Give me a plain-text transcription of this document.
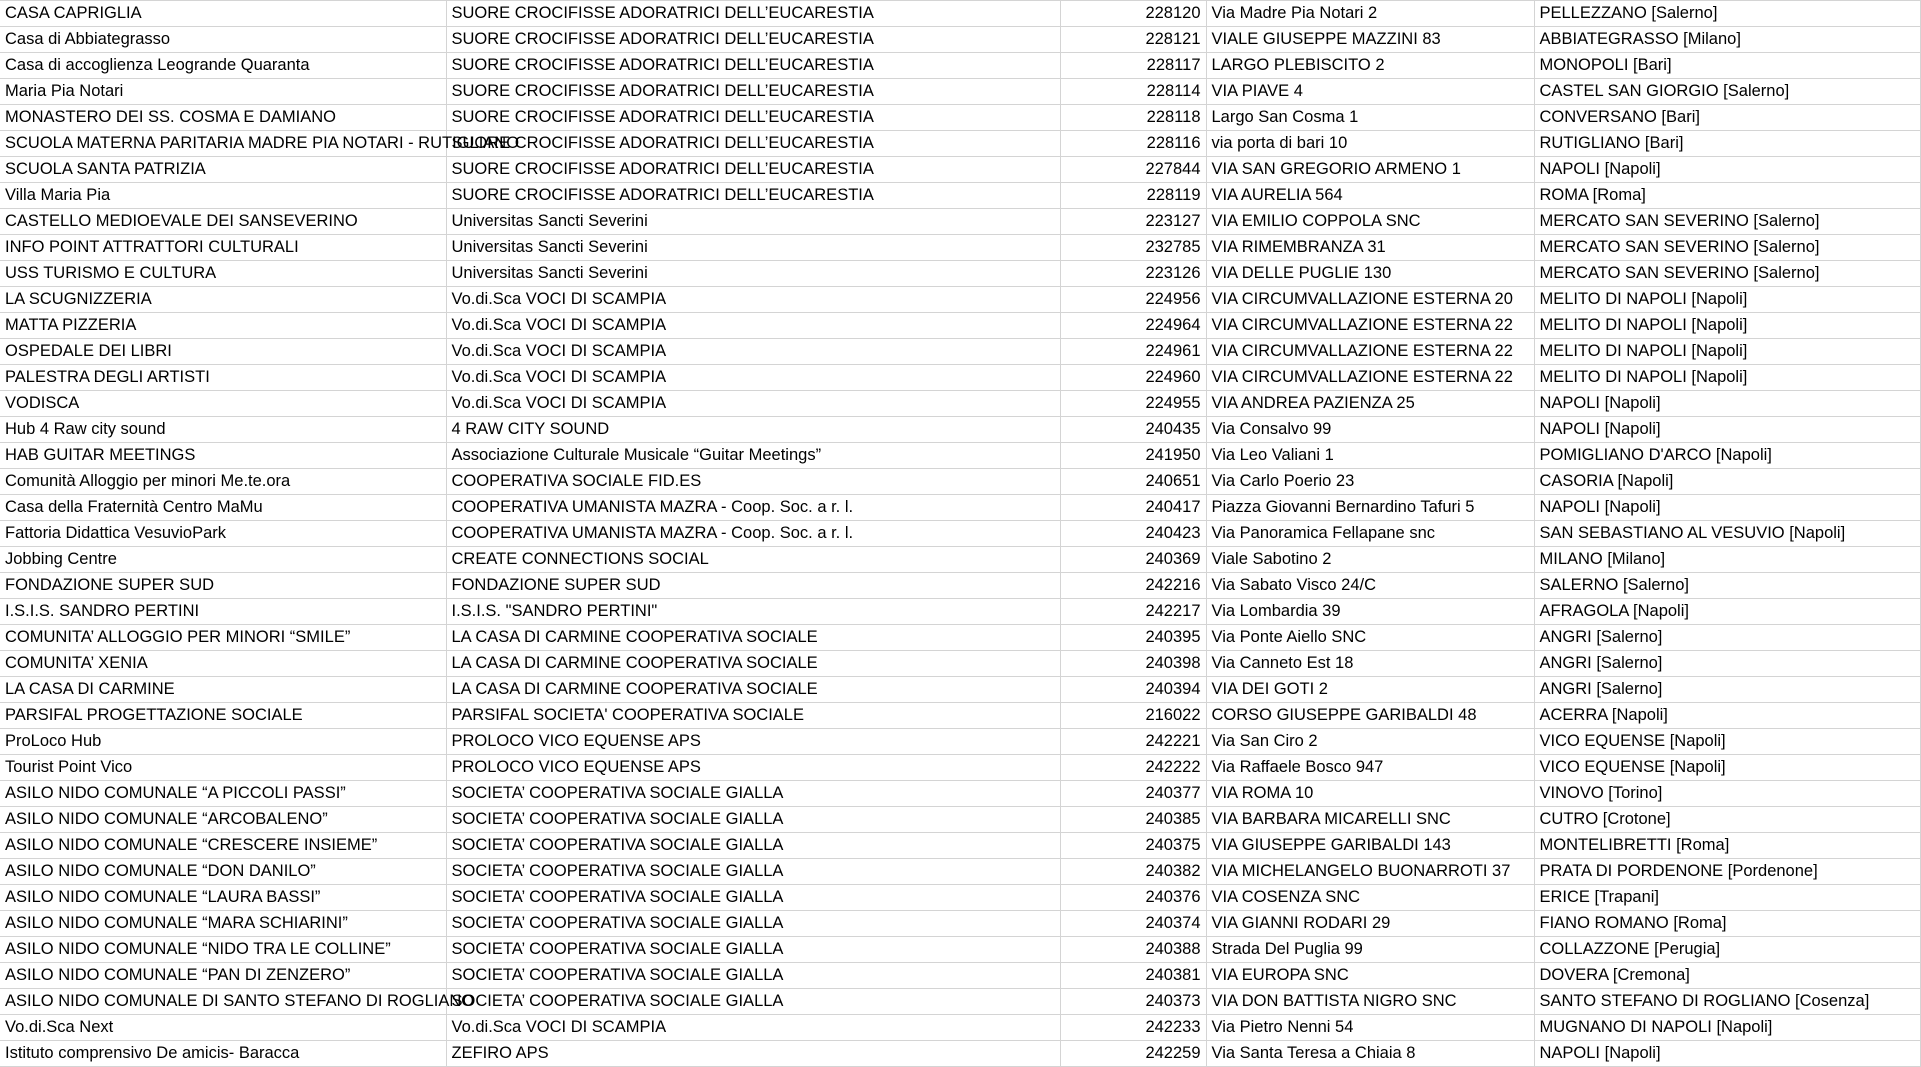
CASA CAPRIGLIA	SUORE CROCIFISSE ADORATRICI DELL’EUCARESTIA	228120	Via Madre Pia Notari 2	PELLEZZANO [Salerno]
Casa di Abbiategrasso	SUORE CROCIFISSE ADORATRICI DELL’EUCARESTIA	228121	VIALE GIUSEPPE MAZZINI 83	ABBIATEGRASSO [Milano]
Casa di accoglienza Leogrande Quaranta	SUORE CROCIFISSE ADORATRICI DELL’EUCARESTIA	228117	LARGO PLEBISCITO 2	MONOPOLI [Bari]
Maria Pia Notari	SUORE CROCIFISSE ADORATRICI DELL’EUCARESTIA	228114	VIA PIAVE 4	CASTEL SAN GIORGIO [Salerno]
MONASTERO DEI SS. COSMA E DAMIANO	SUORE CROCIFISSE ADORATRICI DELL’EUCARESTIA	228118	Largo San Cosma 1	CONVERSANO [Bari]
SCUOLA MATERNA PARITARIA MADRE PIA NOTARI - RUTIGLIANO	SUORE CROCIFISSE ADORATRICI DELL’EUCARESTIA	228116	via porta di bari 10	RUTIGLIANO [Bari]
SCUOLA SANTA PATRIZIA	SUORE CROCIFISSE ADORATRICI DELL’EUCARESTIA	227844	VIA SAN GREGORIO ARMENO 1	NAPOLI [Napoli]
Villa Maria Pia	SUORE CROCIFISSE ADORATRICI DELL’EUCARESTIA	228119	VIA AURELIA 564	ROMA [Roma]
CASTELLO MEDIOEVALE DEI SANSEVERINO	Universitas Sancti Severini	223127	VIA EMILIO COPPOLA SNC	MERCATO SAN SEVERINO [Salerno]
INFO POINT ATTRATTORI CULTURALI	Universitas Sancti Severini	232785	VIA RIMEMBRANZA 31	MERCATO SAN SEVERINO [Salerno]
USS TURISMO E CULTURA	Universitas Sancti Severini	223126	VIA DELLE PUGLIE 130	MERCATO SAN SEVERINO [Salerno]
LA SCUGNIZZERIA	Vo.di.Sca VOCI DI SCAMPIA	224956	VIA CIRCUMVALLAZIONE ESTERNA 20	MELITO DI NAPOLI [Napoli]
MATTA PIZZERIA	Vo.di.Sca VOCI DI SCAMPIA	224964	VIA CIRCUMVALLAZIONE ESTERNA 22	MELITO DI NAPOLI [Napoli]
OSPEDALE DEI LIBRI	Vo.di.Sca VOCI DI SCAMPIA	224961	VIA CIRCUMVALLAZIONE ESTERNA 22	MELITO DI NAPOLI [Napoli]
PALESTRA DEGLI ARTISTI	Vo.di.Sca VOCI DI SCAMPIA	224960	VIA CIRCUMVALLAZIONE ESTERNA 22	MELITO DI NAPOLI [Napoli]
VODISCA	Vo.di.Sca VOCI DI SCAMPIA	224955	VIA ANDREA PAZIENZA 25	NAPOLI [Napoli]
Hub 4 Raw city sound	4 RAW CITY SOUND	240435	Via Consalvo 99	NAPOLI [Napoli]
HAB GUITAR MEETINGS	Associazione Culturale Musicale “Guitar Meetings”	241950	Via Leo Valiani 1	POMIGLIANO D'ARCO [Napoli]
Comunità Alloggio per minori Me.te.ora	COOPERATIVA SOCIALE FID.ES	240651	Via Carlo Poerio 23	CASORIA [Napoli]
Casa della Fraternità Centro MaMu	COOPERATIVA UMANISTA MAZRA - Coop. Soc. a r. l.	240417	Piazza Giovanni Bernardino Tafuri 5	NAPOLI [Napoli]
Fattoria Didattica VesuvioPark	COOPERATIVA UMANISTA MAZRA - Coop. Soc. a r. l.	240423	Via Panoramica Fellapane snc	SAN SEBASTIANO AL VESUVIO [Napoli]
Jobbing Centre	CREATE CONNECTIONS SOCIAL	240369	Viale Sabotino 2	MILANO [Milano]
FONDAZIONE SUPER SUD	FONDAZIONE SUPER SUD	242216	Via Sabato Visco 24/C	SALERNO [Salerno]
I.S.I.S. SANDRO PERTINI	I.S.I.S. "SANDRO PERTINI"	242217	Via Lombardia 39	AFRAGOLA [Napoli]
COMUNITA’ ALLOGGIO PER MINORI “SMILE”	LA CASA DI CARMINE COOPERATIVA SOCIALE	240395	Via Ponte Aiello SNC	ANGRI [Salerno]
COMUNITA’ XENIA	LA CASA DI CARMINE COOPERATIVA SOCIALE	240398	Via Canneto Est 18	ANGRI [Salerno]
LA CASA DI CARMINE	LA CASA DI CARMINE COOPERATIVA SOCIALE	240394	VIA DEI GOTI 2	ANGRI [Salerno]
PARSIFAL PROGETTAZIONE SOCIALE	PARSIFAL SOCIETA' COOPERATIVA SOCIALE	216022	CORSO GIUSEPPE GARIBALDI 48	ACERRA [Napoli]
ProLoco Hub	PROLOCO VICO EQUENSE APS	242221	Via San Ciro 2	VICO EQUENSE [Napoli]
Tourist Point Vico	PROLOCO VICO EQUENSE APS	242222	Via Raffaele Bosco 947	VICO EQUENSE [Napoli]
ASILO NIDO COMUNALE “A PICCOLI PASSI”	SOCIETA’ COOPERATIVA SOCIALE GIALLA	240377	VIA ROMA 10	VINOVO [Torino]
ASILO NIDO COMUNALE “ARCOBALENO”	SOCIETA’ COOPERATIVA SOCIALE GIALLA	240385	VIA BARBARA MICARELLI SNC	CUTRO [Crotone]
ASILO NIDO COMUNALE “CRESCERE INSIEME”	SOCIETA’ COOPERATIVA SOCIALE GIALLA	240375	VIA GIUSEPPE GARIBALDI 143	MONTELIBRETTI [Roma]
ASILO NIDO COMUNALE “DON DANILO”	SOCIETA’ COOPERATIVA SOCIALE GIALLA	240382	VIA MICHELANGELO BUONARROTI 37	PRATA DI PORDENONE [Pordenone]
ASILO NIDO COMUNALE “LAURA BASSI”	SOCIETA’ COOPERATIVA SOCIALE GIALLA	240376	VIA COSENZA SNC	ERICE [Trapani]
ASILO NIDO COMUNALE “MARA SCHIARINI”	SOCIETA’ COOPERATIVA SOCIALE GIALLA	240374	VIA GIANNI RODARI 29	FIANO ROMANO [Roma]
ASILO NIDO COMUNALE “NIDO TRA LE COLLINE”	SOCIETA’ COOPERATIVA SOCIALE GIALLA	240388	Strada Del Puglia 99	COLLAZZONE [Perugia]
ASILO NIDO COMUNALE “PAN DI ZENZERO”	SOCIETA’ COOPERATIVA SOCIALE GIALLA	240381	VIA EUROPA SNC	DOVERA [Cremona]
ASILO NIDO COMUNALE DI SANTO STEFANO DI ROGLIANO	SOCIETA’ COOPERATIVA SOCIALE GIALLA	240373	VIA DON BATTISTA NIGRO SNC	SANTO STEFANO DI ROGLIANO [Cosenza]
Vo.di.Sca Next	Vo.di.Sca VOCI DI SCAMPIA	242233	Via Pietro Nenni 54	MUGNANO DI NAPOLI [Napoli]
Istituto comprensivo De amicis- Baracca	ZEFIRO APS	242259	Via Santa Teresa a Chiaia 8	NAPOLI [Napoli]
